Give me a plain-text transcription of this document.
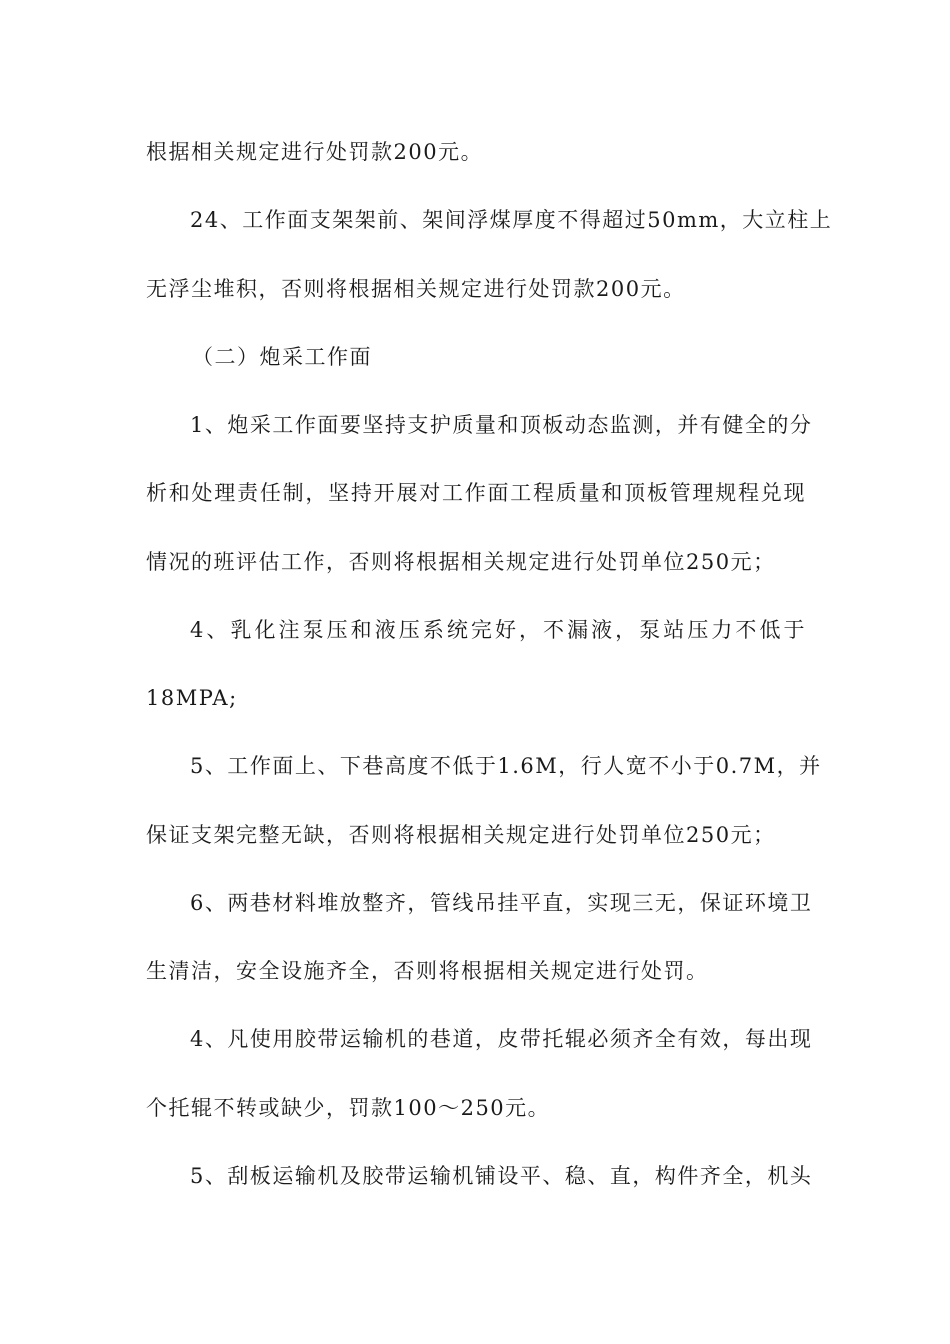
根据相关规定进行处罚款200元。
24、工作面支架架前、架间浮煤厚度不得超过50mm，大立柱上
无浮尘堆积，否则将根据相关规定进行处罚款200元。
（二）炮采工作面
1、炮采工作面要坚持支护质量和顶板动态监测，并有健全的分
析和处理责任制，坚持开展对工作面工程质量和顶板管理规程兑现
情况的班评估工作，否则将根据相关规定进行处罚单位250元；
4、乳化注泵压和液压系统完好，不漏液，泵站压力不低于
18MPA;
5、工作面上、下巷高度不低于1.6M，行人宽不小于0.7M，并
保证支架完整无缺，否则将根据相关规定进行处罚单位250元；
6、两巷材料堆放整齐，管线吊挂平直，实现三无，保证环境卫
生清洁，安全设施齐全，否则将根据相关规定进行处罚。
4、凡使用胶带运输机的巷道，皮带托辊必须齐全有效，每出现
个托辊不转或缺少，罚款100～250元。
5、刮板运输机及胶带运输机铺设平、稳、直，构件齐全，机头
